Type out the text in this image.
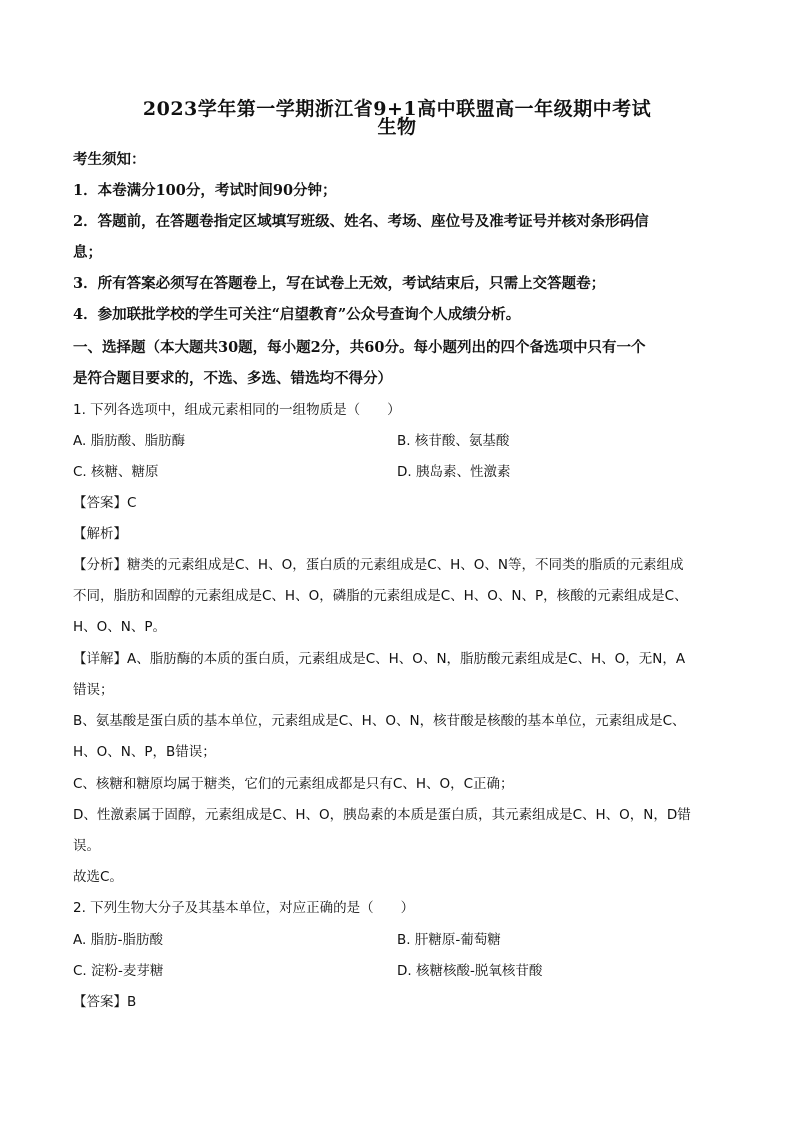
2023学年第一学期浙江省9+1高中联盟高一年级期中考试
生物
考生须知：
1．本卷满分100分，考试时间90分钟；
2．答题前，在答题卷指定区域填写班级、姓名、考场、座位号及准考证号并核对条形码信
息；
3．所有答案必须写在答题卷上，写在试卷上无效，考试结束后，只需上交答题卷；
4．参加联批学校的学生可关注“启望教育”公众号查询个人成绩分析。
一、选择题（本大题共30题，每小题2分，共60分。每小题列出的四个备选项中只有一个
是符合题目要求的，不选、多选、错选均不得分）
1. 下列各选项中，组成元素相同的一组物质是（　　）
A. 脂肪酸、脂肪酶	B. 核苷酸、氨基酸
C. 核糖、糖原	D. 胰岛素、性激素
【答案】C
【解析】
【分析】糖类的元素组成是C、H、O，蛋白质的元素组成是C、H、O、N等，不同类的脂质的元素组成
不同，脂肪和固醇的元素组成是C、H、O，磷脂的元素组成是C、H、O、N、P，核酸的元素组成是C、
H、O、N、P。
【详解】A、脂肪酶的本质的蛋白质，元素组成是C、H、O、N，脂肪酸元素组成是C、H、O，无N，A
错误；
B、氨基酸是蛋白质的基本单位，元素组成是C、H、O、N，核苷酸是核酸的基本单位，元素组成是C、
H、O、N、P，B错误；
C、核糖和糖原均属于糖类，它们的元素组成都是只有C、H、O，C正确；
D、性激素属于固醇，元素组成是C、H、O，胰岛素的本质是蛋白质，其元素组成是C、H、O，N，D错
误。
故选C。
2. 下列生物大分子及其基本单位，对应正确的是（　　）
A. 脂肪-脂肪酸	B. 肝糖原-葡萄糖
C. 淀粉-麦芽糖	D. 核糖核酸-脱氧核苷酸
【答案】B
